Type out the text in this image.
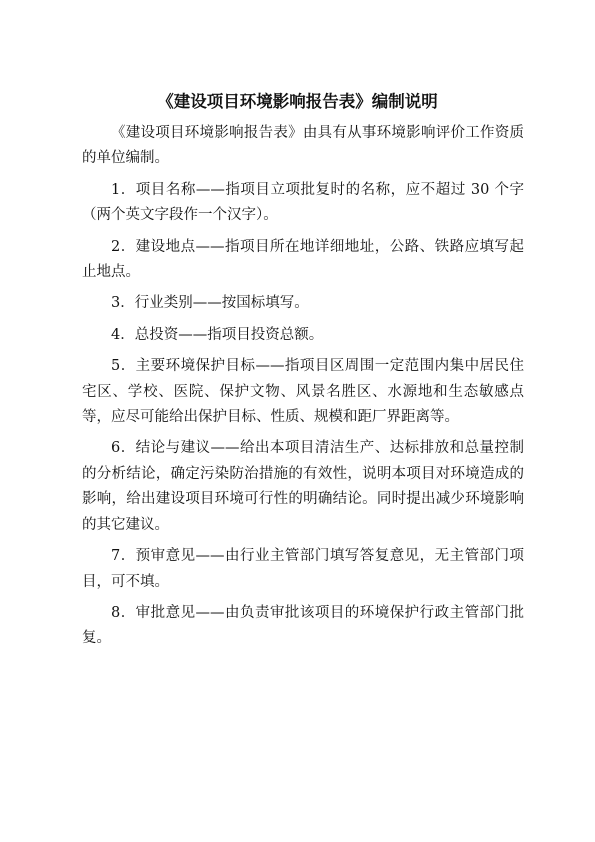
《建设项目环境影响报告表》编制说明

《建设项目环境影响报告表》由具有从事环境影响评价工作资质的单位编制。

1．项目名称——指项目立项批复时的名称，应不超过 30 个字（两个英文字段作一个汉字）。

2．建设地点——指项目所在地详细地址，公路、铁路应填写起止地点。

3．行业类别——按国标填写。

4．总投资——指项目投资总额。

5．主要环境保护目标——指项目区周围一定范围内集中居民住宅区、学校、医院、保护文物、风景名胜区、水源地和生态敏感点等，应尽可能给出保护目标、性质、规模和距厂界距离等。

6．结论与建议——给出本项目清洁生产、达标排放和总量控制的分析结论，确定污染防治措施的有效性，说明本项目对环境造成的影响，给出建设项目环境可行性的明确结论。同时提出减少环境影响的其它建议。

7．预审意见——由行业主管部门填写答复意见，无主管部门项目，可不填。

8．审批意见——由负责审批该项目的环境保护行政主管部门批复。
